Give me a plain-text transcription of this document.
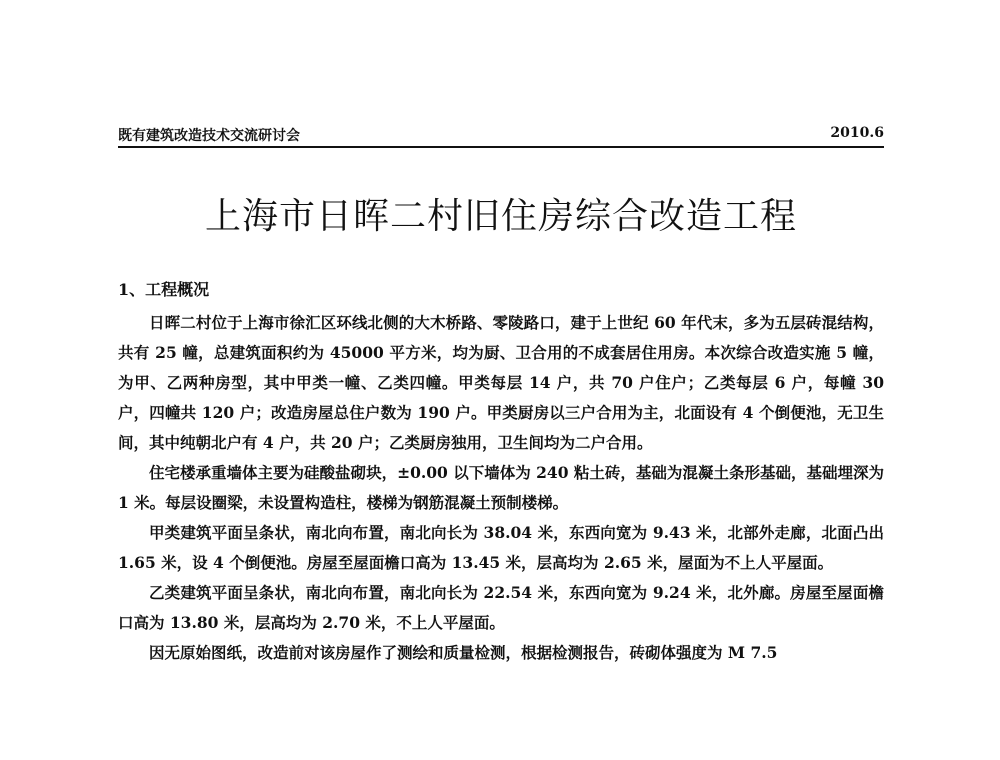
既有建筑改造技术交流研讨会	2010.6
上海市日晖二村旧住房综合改造工程
1、工程概况

日晖二村位于上海市徐汇区环线北侧的大木桥路、零陵路口，建于上世纪 60 年代末，多为五层砖混结构，共有 25 幢，总建筑面积约为 45000 平方米，均为厨、卫合用的不成套居住用房。本次综合改造实施 5 幢，为甲、乙两种房型，其中甲类一幢、乙类四幢。甲类每层 14 户，共 70 户住户；乙类每层 6 户，每幢 30 户，四幢共 120 户；改造房屋总住户数为 190 户。甲类厨房以三户合用为主，北面设有 4 个倒便池，无卫生间，其中纯朝北户有 4 户，共 20 户；乙类厨房独用，卫生间均为二户合用。

住宅楼承重墙体主要为硅酸盐砌块，±0.00 以下墙体为 240 粘土砖，基础为混凝土条形基础，基础埋深为 1 米。每层设圈梁，未设置构造柱，楼梯为钢筋混凝土预制楼梯。

甲类建筑平面呈条状，南北向布置，南北向长为 38.04 米，东西向宽为 9.43 米，北部外走廊，北面凸出 1.65 米，设 4 个倒便池。房屋至屋面檐口高为 13.45 米，层高均为 2.65 米，屋面为不上人平屋面。

乙类建筑平面呈条状，南北向布置，南北向长为 22.54 米，东西向宽为 9.24 米，北外廊。房屋至屋面檐口高为 13.80 米，层高均为 2.70 米，不上人平屋面。

因无原始图纸，改造前对该房屋作了测绘和质量检测，根据检测报告，砖砌体强度为 M 7.5
